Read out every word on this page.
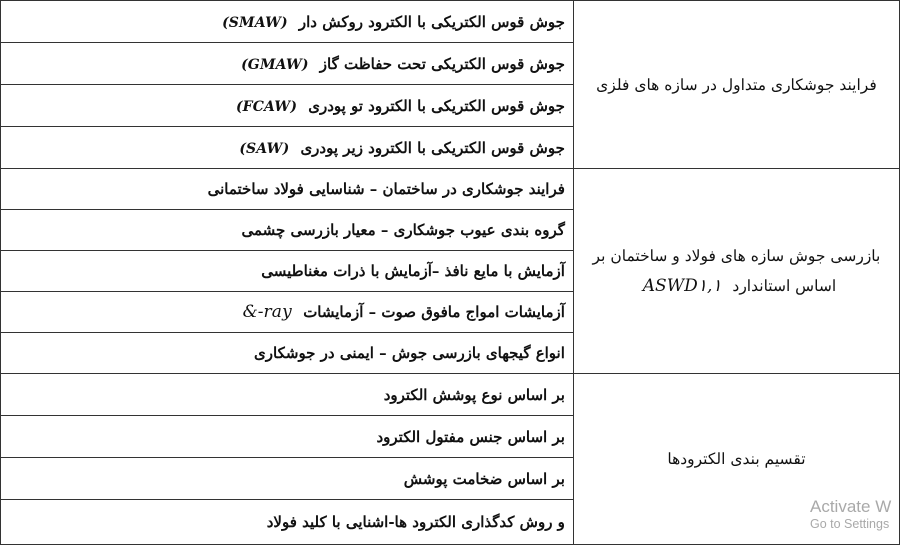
جوش قوس الکتریکی با الکترود روکش دار (SMAW)	فرایند جوشکاری متداول در سازه های فلزی

جوش قوس الکتریکی تحت حفاظت گاز (GMAW)	
جوش قوس الکتریکی با الکترود تو پودری (FCAW)	
جوش قوس الکتریکی با الکترود زیر پودری (SAW)	
فرایند جوشکاری در ساختمان – شناسایی فولاد ساختمانی	بازرسی جوش سازه های فولاد و ساختمان بر
اساس استاندارد ASWD۱,۱

گروه بندی عیوب جوشکاری – معیار بازرسی چشمی	
آزمایش با مایع نافذ –آزمایش با ذرات مغناطیسی	
آزمایشات امواج مافوق صوت – آزمایشات &-ray	
انواع گیجهای بازرسی جوش – ایمنی در جوشکاری	
بر اساس نوع پوشش الکترود	تقسیم بندی الکترودها

بر اساس جنس مفتول الکترود	
بر اساس ضخامت پوشش	
و روش کدگذاری الکترود ها-اشنایی با کلید فولاد	
Activate W
Go to Settings
